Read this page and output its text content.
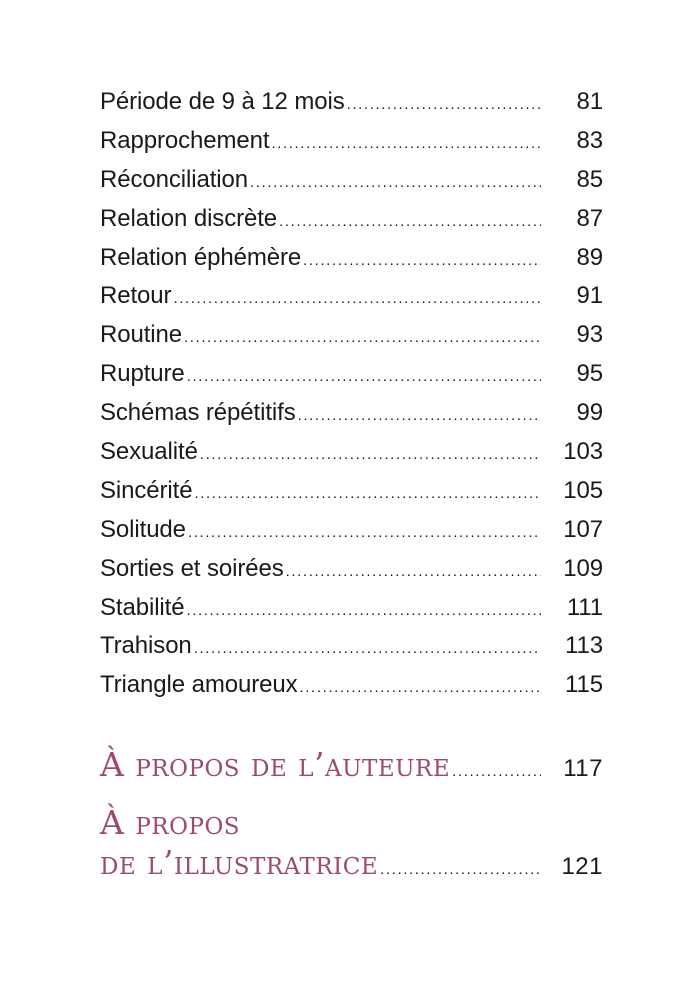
Période de 9 à 12 mois .....	81
Rapprochement .....	83
Réconciliation .....	85
Relation discrète .....	87
Relation éphémère .....	89
Retour .....	91
Routine .....	93
Rupture .....	95
Schémas répétitifs .....	99
Sexualité .....	103
Sincérité .....	105
Solitude .....	107
Sorties et soirées .....	109
Stabilité .....	111
Trahison .....	113
Triangle amoureux .....	115
À propos de l’auteure .....	117
À propos
de l’illustratrice .....	121
